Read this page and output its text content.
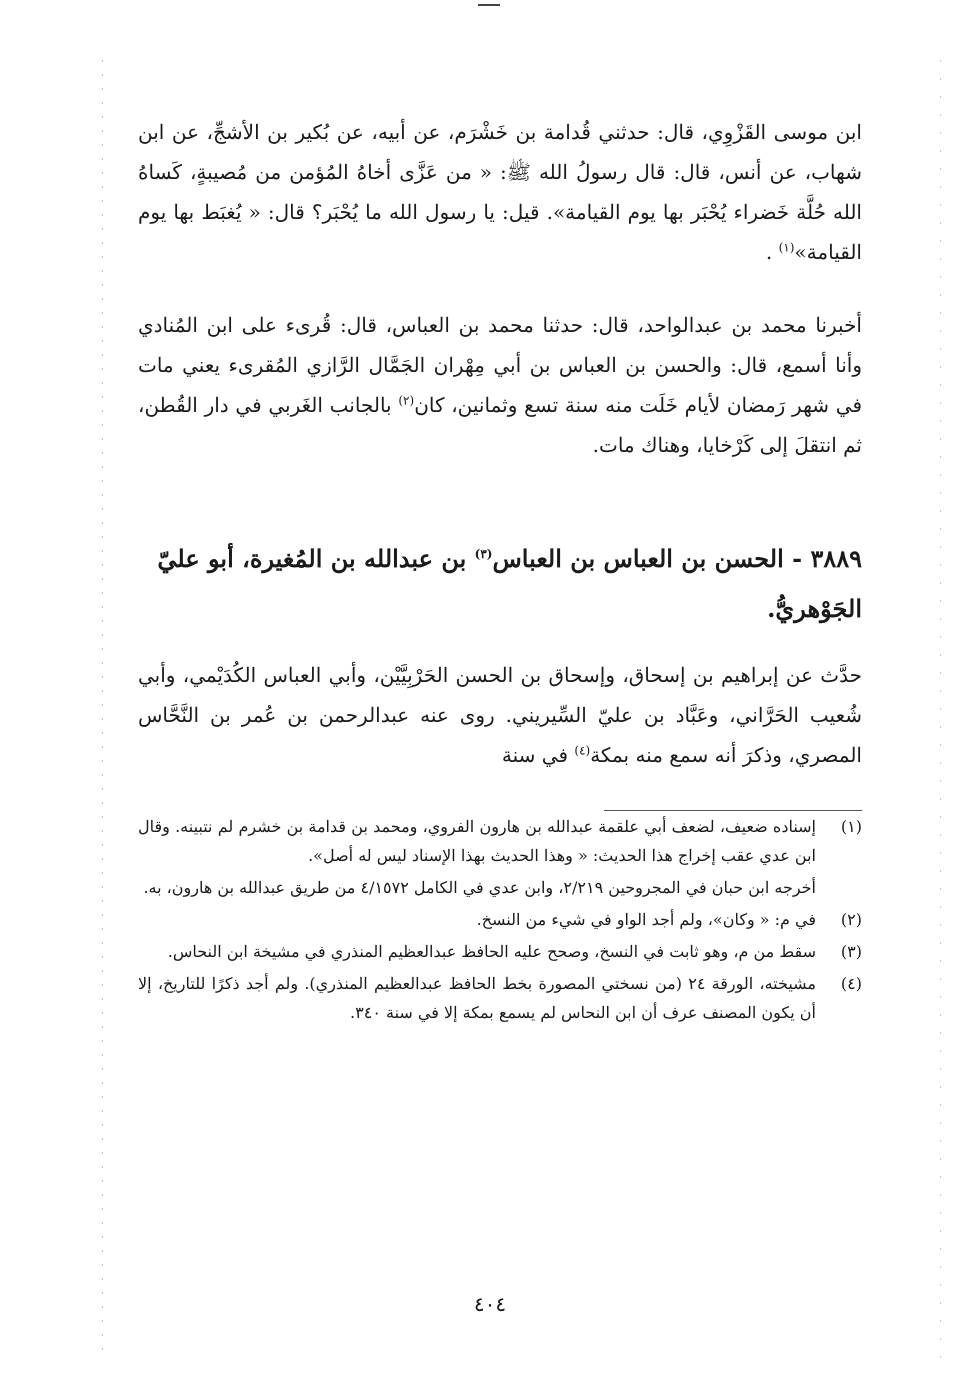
ابن موسى القَزْوِي، قال: حدثني قُدامة بن خَشْرَم، عن أبيه، عن بُكير بن الأشجِّ، عن ابن شهاب، عن أنس، قال: قال رسولُ الله ﷺ: « من عَزَّى أخاهُ المُؤمن من مُصيبةٍ، كَساهُ الله حُلَّة خَضراء يُحْبَر بها يوم القيامة». قيل: يا رسول الله ما يُحْبَر؟ قال: « يُغبَط بها يوم القيامة»$^{(١)}$ .
أخبرنا محمد بن عبدالواحد، قال: حدثنا محمد بن العباس، قال: قُرىء على ابن المُنادي وأنا أسمع، قال: والحسن بن العباس بن أبي مِهْران الجَمَّال الرَّازي المُقرىء يعني مات في شهر رَمضان لأيام خَلَت منه سنة تسع وثمانين، كان$^{(٢)}$ بالجانب الغَربي في دار القُطن، ثم انتقلَ إلى كَرْخايا، وهناك مات.
٣٨٨٩ - الحسن بن العباس بن العباس$^{(٣)}$ بن عبدالله بن المُغيرة، أبو عليّ الجَوْهريُّ.
حدَّث عن إبراهيم بن إسحاق، وإسحاق بن الحسن الحَرْبِيَّيْن، وأبي العباس الكُدَيْمي، وأبي شُعيب الحَرَّاني، وعَبَّاد بن عليّ السِّيريني. روى عنه عبدالرحمن بن عُمر بن النَّحَّاس المصري، وذكرَ أنه سمع منه بمكة$^{(٤)}$ في سنة
(١)
إسناده ضعيف، لضعف أبي علقمة عبدالله بن هارون الفروي، ومحمد بن قدامة بن خشرم لم نتبينه. وقال ابن عدي عقب إخراج هذا الحديث: « وهذا الحديث بهذا الإسناد ليس له أصل».
أخرجه ابن حبان في المجروحين ٢/٢١٩، وابن عدي في الكامل ٤/١٥٧٢ من طريق عبدالله بن هارون، به.
(٢)
في م: « وكان»، ولم أجد الواو في شيء من النسخ.
(٣)
سقط من م، وهو ثابت في النسخ، وصحح عليه الحافظ عبدالعظيم المنذري في مشيخة ابن النحاس.
(٤)
مشيخته، الورقة ٢٤ (من نسختي المصورة بخط الحافظ عبدالعظيم المنذري). ولم أجد ذكرًا للتاريخ، إلا أن يكون المصنف عرف أن ابن النحاس لم يسمع بمكة إلا في سنة ٣٤٠.
٤٠٤
